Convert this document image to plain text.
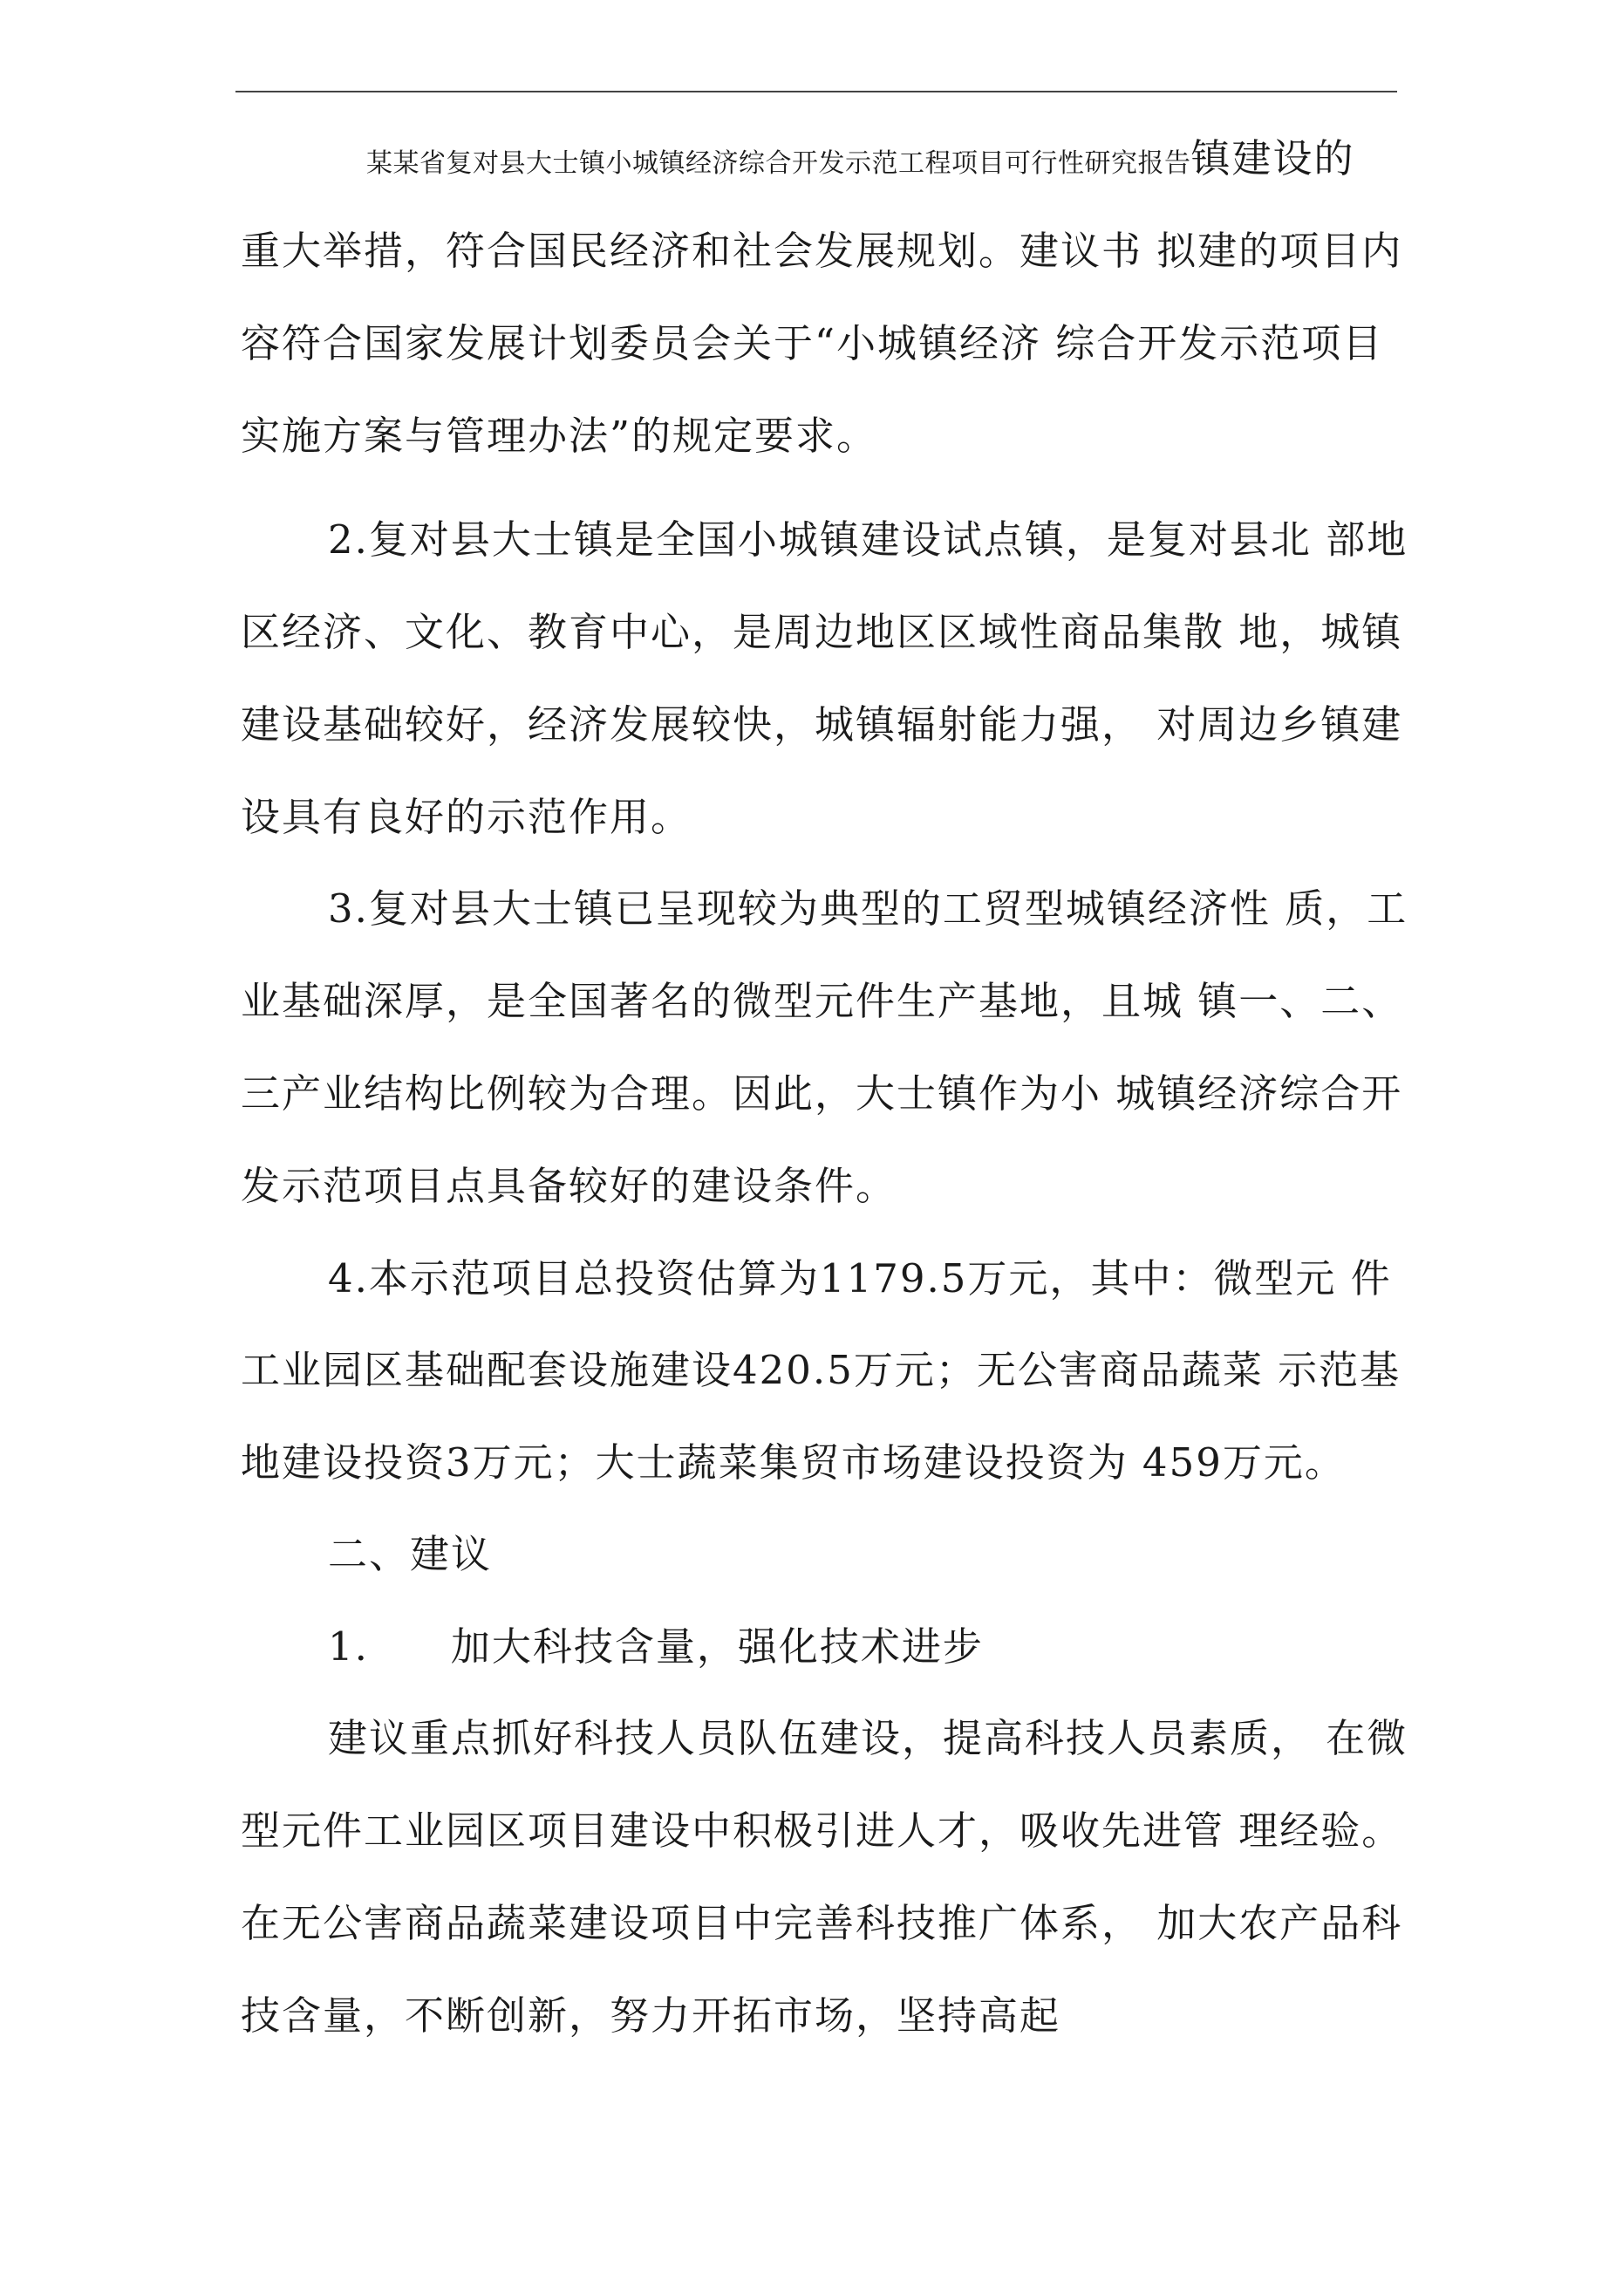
某某省复对县大士镇小城镇经济综合开发示范工程项目可行性研究报告镇建设的
重大举措，符合国民经济和社会发展规划。建议书 拟建的项目内
容符合国家发展计划委员会关于“小城镇经济 综合开发示范项目
实施方案与管理办法”的规定要求。
2.复对县大士镇是全国小城镇建设试点镇，是复对县北 部地
区经济、文化、教育中心，是周边地区区域性商品集散 地，城镇
建设基础较好，经济发展较快，城镇辐射能力强， 对周边乡镇建
设具有良好的示范作用。
3.复对县大士镇已呈现较为典型的工贸型城镇经济性 质，工
业基础深厚，是全国著名的微型元件生产基地，且城 镇一、二、
三产业结构比例较为合理。因此，大士镇作为小 城镇经济综合开
发示范项目点具备较好的建设条件。
4.本示范项目总投资估算为1179.5万元，其中：微型元 件
工业园区基础配套设施建设420.5万元；无公害商品蔬菜 示范基
地建设投资3万元；大士蔬菜集贸市场建设投资为 459万元。
二、建议
1.　　加大科技含量，强化技术进步
建议重点抓好科技人员队伍建设，提高科技人员素质， 在微
型元件工业园区项目建设中积极引进人才，吸收先进管 理经验。
在无公害商品蔬菜建设项目中完善科技推广体系， 加大农产品科
技含量，不断创新，努力开拓市场，坚持高起
